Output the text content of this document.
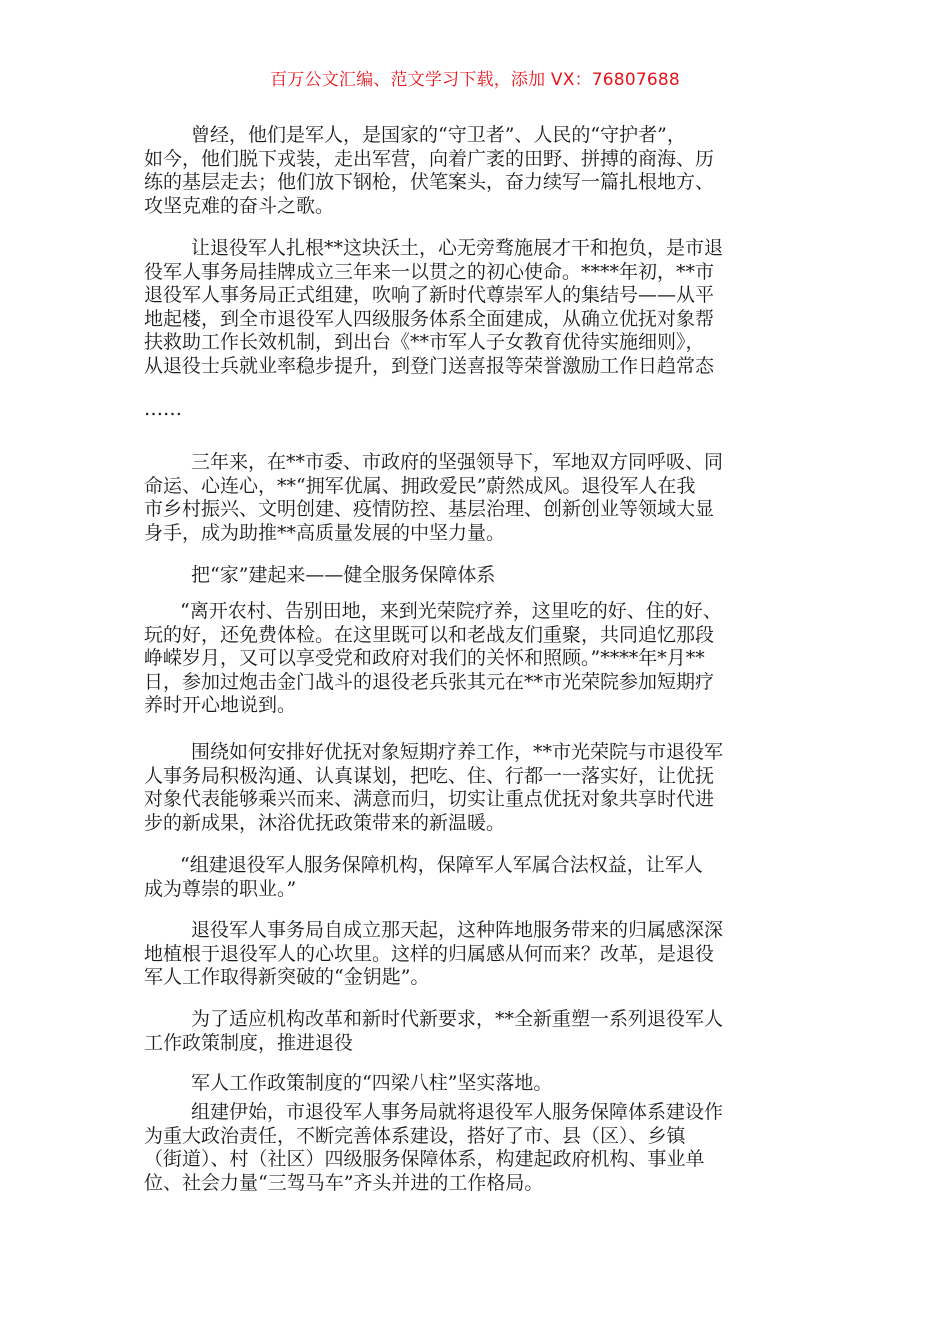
百万公文汇编、范文学习下载，添加 VX：76807688
曾经，他们是军人，是国家的“守卫者”、人民的“守护者”，
如今，他们脱下戎装，走出军营，向着广袤的田野、拼搏的商海、历
练的基层走去；他们放下钢枪，伏笔案头，奋力续写一篇扎根地方、
攻坚克难的奋斗之歌。
让退役军人扎根**这块沃土，心无旁骛施展才干和抱负，是市退
役军人事务局挂牌成立三年来一以贯之的初心使命。****年初，**市
退役军人事务局正式组建，吹响了新时代尊崇军人的集结号——从平
地起楼，到全市退役军人四级服务体系全面建成，从确立优抚对象帮
扶救助工作长效机制，到出台《**市军人子女教育优待实施细则》，
从退役士兵就业率稳步提升，到登门送喜报等荣誉激励工作日趋常态
……
三年来，在**市委、市政府的坚强领导下，军地双方同呼吸、同
命运、心连心，**“拥军优属、拥政爱民”蔚然成风。退役军人在我
市乡村振兴、文明创建、疫情防控、基层治理、创新创业等领域大显
身手，成为助推**高质量发展的中坚力量。
把“家”建起来——健全服务保障体系
“离开农村、告别田地，来到光荣院疗养，这里吃的好、住的好、
玩的好，还免费体检。在这里既可以和老战友们重聚，共同追忆那段
峥嵘岁月，又可以享受党和政府对我们的关怀和照顾。”****年*月**
日，参加过炮击金门战斗的退役老兵张其元在**市光荣院参加短期疗
养时开心地说到。
围绕如何安排好优抚对象短期疗养工作，**市光荣院与市退役军
人事务局积极沟通、认真谋划，把吃、住、行都一一落实好，让优抚
对象代表能够乘兴而来、满意而归，切实让重点优抚对象共享时代进
步的新成果，沐浴优抚政策带来的新温暖。
“组建退役军人服务保障机构，保障军人军属合法权益，让军人
成为尊崇的职业。”
退役军人事务局自成立那天起，这种阵地服务带来的归属感深深
地植根于退役军人的心坎里。这样的归属感从何而来？改革，是退役
军人工作取得新突破的“金钥匙”。
为了适应机构改革和新时代新要求，**全新重塑一系列退役军人
工作政策制度，推进退役
军人工作政策制度的“四梁八柱”坚实落地。
组建伊始，市退役军人事务局就将退役军人服务保障体系建设作
为重大政治责任，不断完善体系建设，搭好了市、县（区）、乡镇
（街道）、村（社区）四级服务保障体系，构建起政府机构、事业单
位、社会力量“三驾马车”齐头并进的工作格局。
